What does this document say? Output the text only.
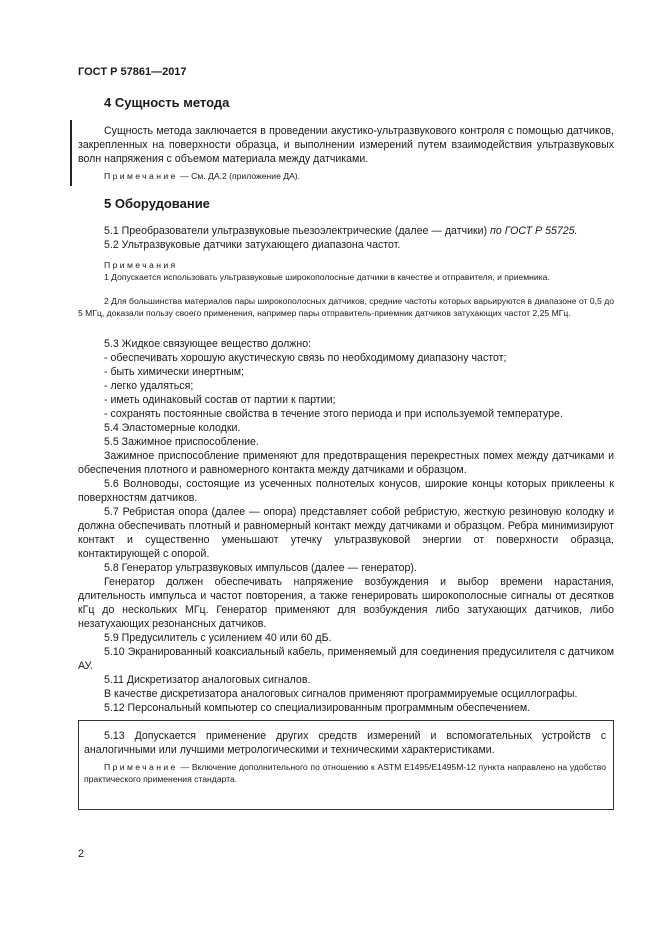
ГОСТ Р 57861—2017
4 Сущность метода
Сущность метода заключается в проведении акустико-ультразвукового контроля с помощью датчиков, закрепленных на поверхности образца, и выполнении измерений путем взаимодействия ультразвуковых волн напряжения с объемом материала между датчиками.
Примечание — См. ДА.2 (приложение ДА).
5 Оборудование
5.1 Преобразователи ультразвуковые пьезоэлектрические (далее — датчики) по ГОСТ Р 55725.
5.2 Ультразвуковые датчики затухающего диапазона частот.
Примечания
1 Допускается использовать ультразвуковые широкополосные датчики в качестве и отправителя, и приемника.
2 Для большинства материалов пары широкополосных датчиков, средние частоты которых варьируются в диапазоне от 0,5 до 5 МГц, доказали пользу своего применения, например пары отправитель-приемник датчиков затухающих частот 2,25 МГц.
5.3 Жидкое связующее вещество должно:
- обеспечивать хорошую акустическую связь по необходимому диапазону частот;
- быть химически инертным;
- легко удаляться;
- иметь одинаковый состав от партии к партии;
- сохранять постоянные свойства в течение этого периода и при используемой температуре.
5.4 Эластомерные колодки.
5.5 Зажимное приспособление.
Зажимное приспособление применяют для предотвращения перекрестных помех между датчиками и обеспечения плотного и равномерного контакта между датчиками и образцом.
5.6 Волноводы, состоящие из усеченных полнотелых конусов, широкие концы которых приклеены к поверхностям датчиков.
5.7 Ребристая опора (далее — опора) представляет собой ребристую, жесткую резиновую колодку и должна обеспечивать плотный и равномерный контакт между датчиками и образцом. Ребра минимизируют контакт и существенно уменьшают утечку ультразвуковой энергии от поверхности образца, контактирующей с опорой.
5.8 Генератор ультразвуковых импульсов (далее — генератор).
Генератор должен обеспечивать напряжение возбуждения и выбор времени нарастания, длительность импульса и частот повторения, а также генерировать широкополосные сигналы от десятков кГц до нескольких МГц. Генератор применяют для возбуждения либо затухающих датчиков, либо незатухающих резонансных датчиков.
5.9 Предусилитель с усилением 40 или 60 дБ.
5.10 Экранированный коаксиальный кабель, применяемый для соединения предусилителя с датчиком АУ.
5.11 Дискретизатор аналоговых сигналов.
В качестве дискретизатора аналоговых сигналов применяют программируемые осциллографы.
5.12 Персональный компьютер со специализированным программным обеспечением.
5.13 Допускается применение других средств измерений и вспомогательных устройств с аналогичными или лучшими метрологическими и техническими характеристиками.
Примечание — Включение дополнительного по отношению к ASTM E1495/E1495M-12 пункта направлено на удобство практического применения стандарта.
2
